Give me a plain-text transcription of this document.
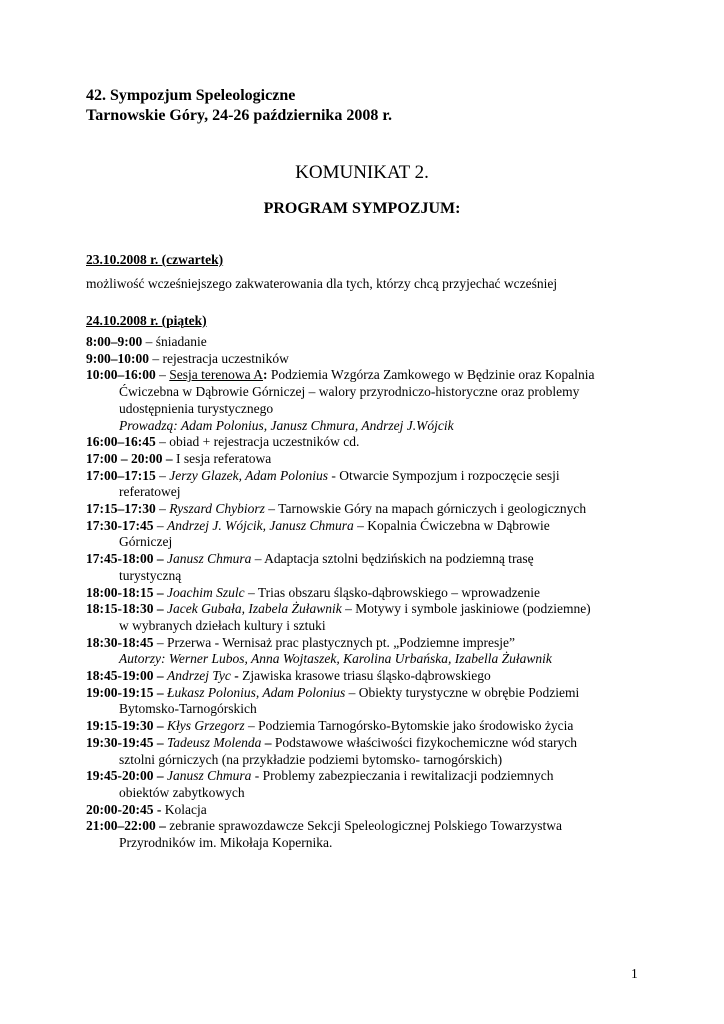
42. Sympozjum Speleologiczne
Tarnowskie Góry, 24-26 października 2008 r.
KOMUNIKAT 2.
PROGRAM SYMPOZJUM:
23.10.2008 r. (czwartek)
możliwość wcześniejszego zakwaterowania dla tych, którzy chcą przyjechać wcześniej
24.10.2008 r. (piątek)
8:00–9:00 – śniadanie
9:00–10:00 – rejestracja uczestników
10:00–16:00 – Sesja terenowa A: Podziemia Wzgórza Zamkowego w Będzinie oraz Kopalnia
Ćwiczebna w Dąbrowie Górniczej – walory przyrodniczo-historyczne oraz problemy
udostępnienia turystycznego
Prowadzą: Adam Polonius, Janusz Chmura, Andrzej J.Wójcik
16:00–16:45 – obiad + rejestracja uczestników cd.
17:00 – 20:00 – I sesja referatowa
17:00–17:15 – Jerzy Glazek, Adam Polonius - Otwarcie Sympozjum i rozpoczęcie sesji
referatowej
17:15–17:30 – Ryszard Chybiorz – Tarnowskie Góry na mapach górniczych i geologicznych
17:30-17:45 – Andrzej J. Wójcik, Janusz Chmura – Kopalnia Ćwiczebna w Dąbrowie
Górniczej
17:45-18:00 – Janusz Chmura – Adaptacja sztolni będzińskich na podziemną trasę
turystyczną
18:00-18:15 – Joachim Szulc – Trias obszaru śląsko-dąbrowskiego – wprowadzenie
18:15-18:30 – Jacek Gubała, Izabela Żuławnik – Motywy i symbole jaskiniowe (podziemne)
w wybranych dziełach kultury i sztuki
18:30-18:45 – Przerwa - Wernisaż prac plastycznych pt. „Podziemne impresje”
Autorzy: Werner Lubos, Anna Wojtaszek, Karolina Urbańska, Izabella Żuławnik
18:45-19:00 – Andrzej Tyc - Zjawiska krasowe triasu śląsko-dąbrowskiego
19:00-19:15 – Łukasz Polonius, Adam Polonius – Obiekty turystyczne w obrębie Podziemi
Bytomsko-Tarnogórskich
19:15-19:30 – Kłys Grzegorz – Podziemia Tarnogórsko-Bytomskie jako środowisko życia
19:30-19:45 – Tadeusz Molenda – Podstawowe właściwości fizykochemiczne wód starych
sztolni górniczych (na przykładzie podziemi bytomsko- tarnogórskich)
19:45-20:00 – Janusz Chmura - Problemy zabezpieczania i rewitalizacji podziemnych
obiektów zabytkowych
20:00-20:45 - Kolacja
21:00–22:00 – zebranie sprawozdawcze Sekcji Speleologicznej Polskiego Towarzystwa
Przyrodników im. Mikołaja Kopernika.
1
